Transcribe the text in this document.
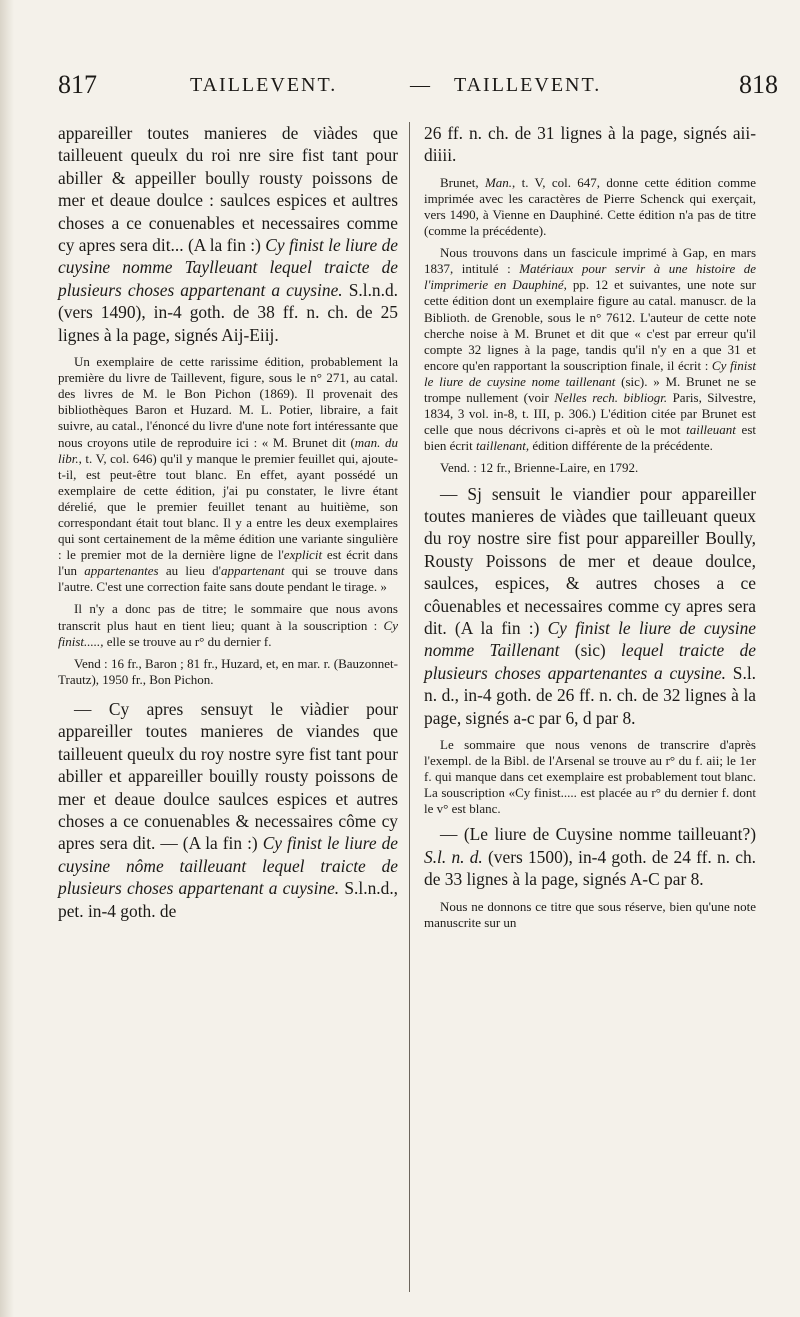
817	TAILLEVENT.	— TAILLEVENT.	818

appareiller toutes manieres de viàdes que tailleuent queulx du roi nre sire fist tant pour abiller & appeiller boully rousty poissons de mer et deaue doulce : saulces espices et aultres choses a ce conuenables et necessaires comme cy apres sera dit... (A la fin :) Cy finist le liure de cuysine nomme Taylleuant lequel traicte de plusieurs choses appartenant a cuysine. S.l.n.d. (vers 1490), in-4 goth. de 38 ff. n. ch. de 25 lignes à la page, signés Aij-Eiij.

Un exemplaire de cette rarissime édition, probablement la première du livre de Taillevent, figure, sous le n° 271, au catal. des livres de M. le Bon Pichon (1869). Il provenait des bibliothèques Baron et Huzard. M. L. Potier, libraire, a fait suivre, au catal., l'énoncé du livre d'une note fort intéressante que nous croyons utile de reproduire ici : « M. Brunet dit (man. du libr., t. V, col. 646) qu'il y manque le premier feuillet qui, ajoute-t-il, est peut-être tout blanc. En effet, ayant possédé un exemplaire de cette édition, j'ai pu constater, le livre étant dérelié, que le premier feuillet tenant au huitième, son correspondant était tout blanc. Il y a entre les deux exemplaires qui sont certainement de la même édition une variante singulière : le premier mot de la dernière ligne de l'explicit est écrit dans l'un appartenantes au lieu d'appartenant qui se trouve dans l'autre. C'est une correction faite sans doute pendant le tirage. »

Il n'y a donc pas de titre; le sommaire que nous avons transcrit plus haut en tient lieu; quant à la souscription : Cy finist....., elle se trouve au r° du dernier f.

Vend : 16 fr., Baron ; 81 fr., Huzard, et, en mar. r. (Bauzonnet-Trautz), 1950 fr., Bon Pichon.

— Cy apres sensuyt le viàdier pour appareiller toutes manieres de viandes que tailleuent queulx du roy nostre syre fist tant pour abiller et appareiller bouilly rousty poissons de mer et deaue doulce saulces espices et autres choses a ce conuenables & necessaires côme cy apres sera dit. — (A la fin :) Cy finist le liure de cuysine nôme tailleuant lequel traicte de plusieurs choses appartenant a cuysine. S.l.n.d., pet. in-4 goth. de

26 ff. n. ch. de 31 lignes à la page, signés aii-diiii.

Brunet, Man., t. V, col. 647, donne cette édition comme imprimée avec les caractères de Pierre Schenck qui exerçait, vers 1490, à Vienne en Dauphiné. Cette édition n'a pas de titre (comme la précédente).

Nous trouvons dans un fascicule imprimé à Gap, en mars 1837, intitulé : Matériaux pour servir à une histoire de l'imprimerie en Dauphiné, pp. 12 et suivantes, une note sur cette édition dont un exemplaire figure au catal. manuscr. de la Biblioth. de Grenoble, sous le n° 7612. L'auteur de cette note cherche noise à M. Brunet et dit que « c'est par erreur qu'il compte 32 lignes à la page, tandis qu'il n'y en a que 31 et encore qu'en rapportant la souscription finale, il écrit : Cy finist le liure de cuysine nome taillenant (sic). » M. Brunet ne se trompe nullement (voir Nelles rech. bibliogr. Paris, Silvestre, 1834, 3 vol. in-8, t. III, p. 306.) L'édition citée par Brunet est celle que nous décrivons ci-après et où le mot tailleuant est bien écrit taillenant, édition différente de la précédente.

Vend. : 12 fr., Brienne-Laire, en 1792.

— Sj sensuit le viandier pour appareiller toutes manieres de viàdes que tailleuant queux du roy nostre sire fist pour appareiller Boully, Rousty Poissons de mer et deaue doulce, saulces, espices, & autres choses a ce côuenables et necessaires comme cy apres sera dit. (A la fin :) Cy finist le liure de cuysine nomme Taillenant (sic) lequel traicte de plusieurs choses appartenantes a cuysine. S.l. n. d., in-4 goth. de 26 ff. n. ch. de 32 lignes à la page, signés a-c par 6, d par 8.

Le sommaire que nous venons de transcrire d'après l'exempl. de la Bibl. de l'Arsenal se trouve au r° du f. aii; le 1er f. qui manque dans cet exemplaire est probablement tout blanc. La souscription «Cy finist..... est placée au r° du dernier f. dont le v° est blanc.

— (Le liure de Cuysine nomme tailleuant?) S.l. n. d. (vers 1500), in-4 goth. de 24 ff. n. ch. de 33 lignes à la page, signés A-C par 8.

Nous ne donnons ce titre que sous réserve, bien qu'une note manuscrite sur un
